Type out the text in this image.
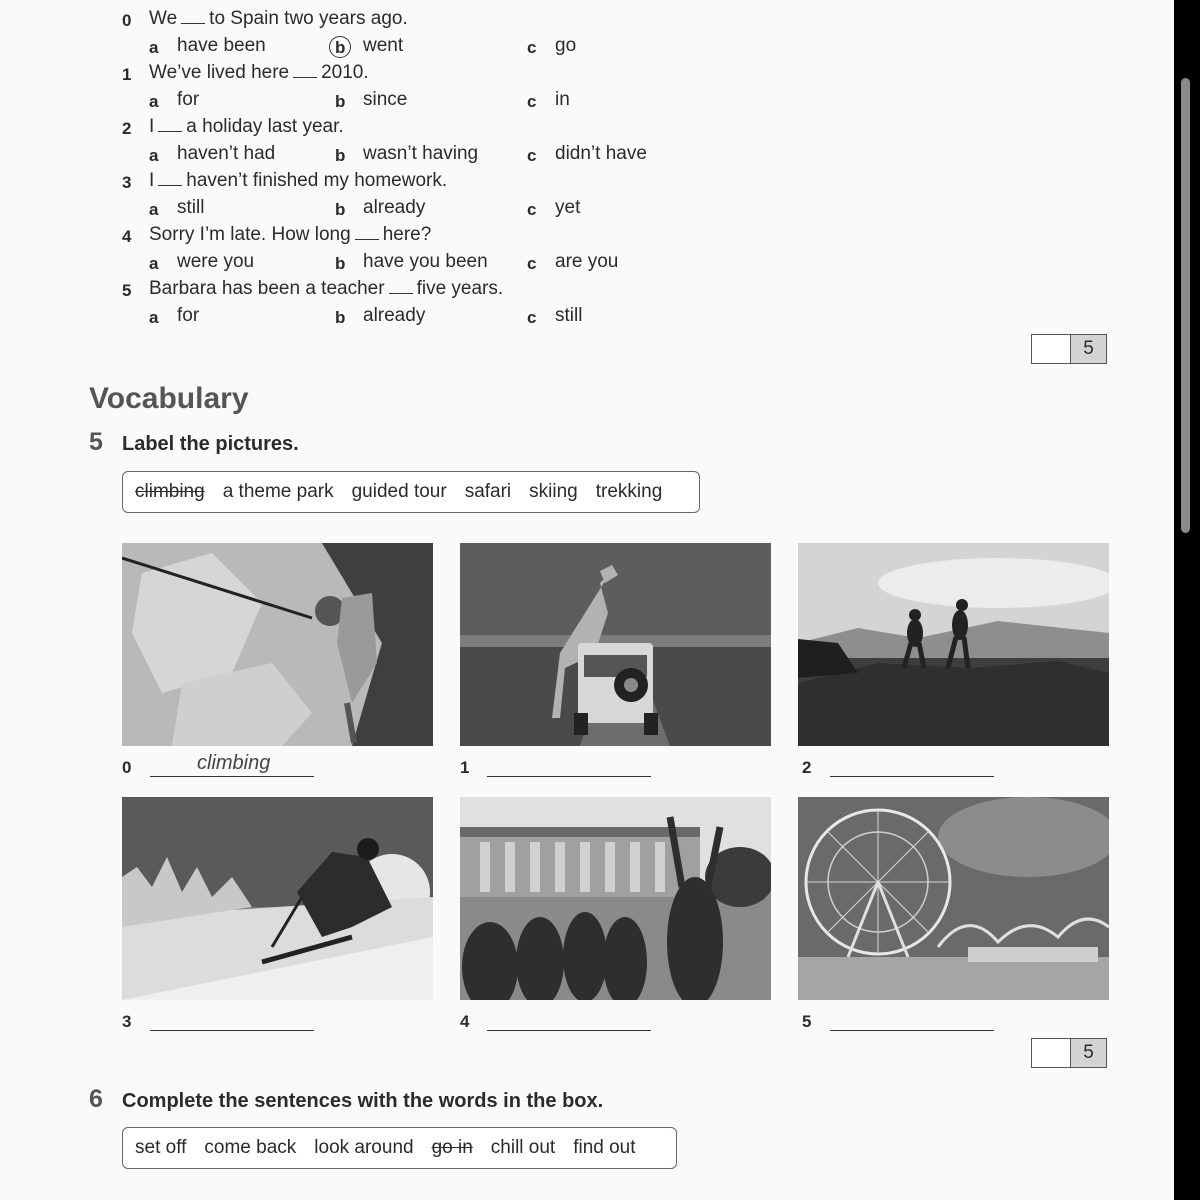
0 We to Spain two years ago.
a have been	b went	c go
1 We’ve lived here 2010.
a for	b since	c in
2 I a holiday last year.
a haven’t had	b wasn’t having	c didn’t have
3 I haven’t finished my homework.
a still	b already	c yet
4 Sorry I’m late. How long here?
a were you	b have you been c are you
5 Barbara has been a teacher five years.
a for	b already	c still
5
Vocabulary
5 Label the pictures.
climbing a theme park guided tour safari skiing trekking
0	climbing	1	2
3	4	5
5
6 Complete the sentences with the words in the box.
set off come back look around go in chill out find out
